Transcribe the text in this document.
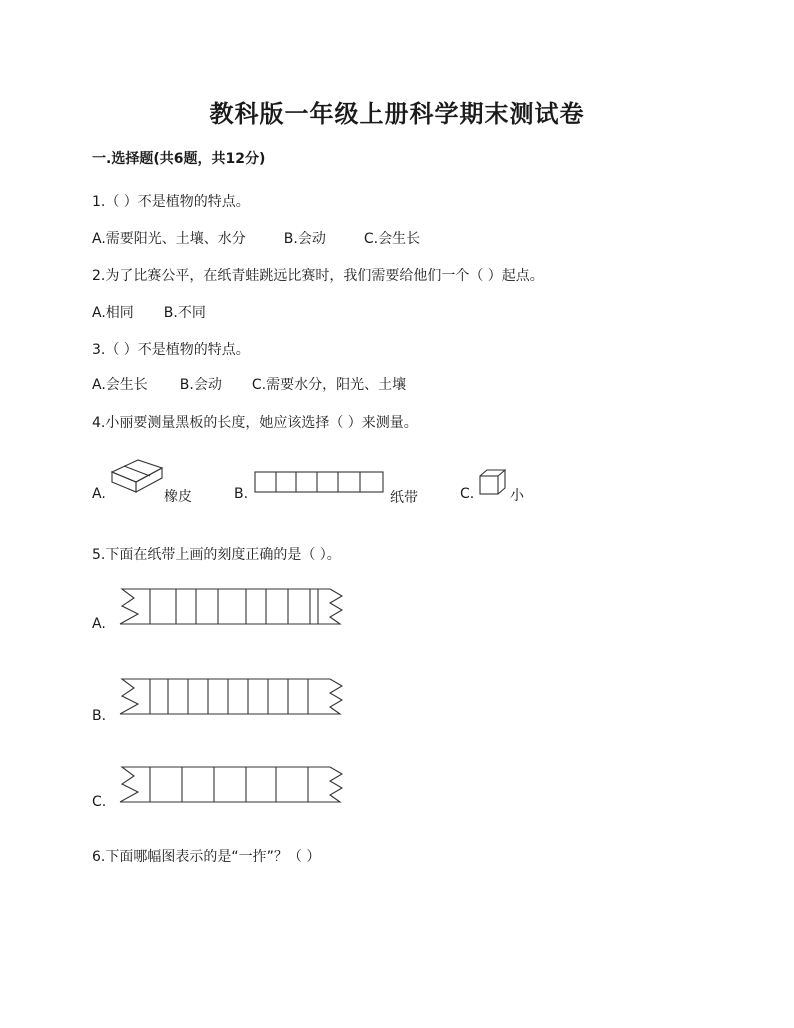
教科版一年级上册科学期末测试卷
一.选择题(共6题，共12分)
1.（ ）不是植物的特点。
A.需要阳光、土壤、水分	B.会动	C.会生长
2.为了比赛公平，在纸青蛙跳远比赛时，我们需要给他们一个（ ）起点。
A.相同 B.不同
3.（ ）不是植物的特点。
A.会生长 B.会动 C.需要水分，阳光、土壤
4.小丽要测量黑板的长度，她应该选择（ ）来测量。
A.	橡皮	B.	纸带	C.	小
5.下面在纸带上画的刻度正确的是（ ）。
A.
B.
C.
6.下面哪幅图表示的是“一拃”？（ ）
